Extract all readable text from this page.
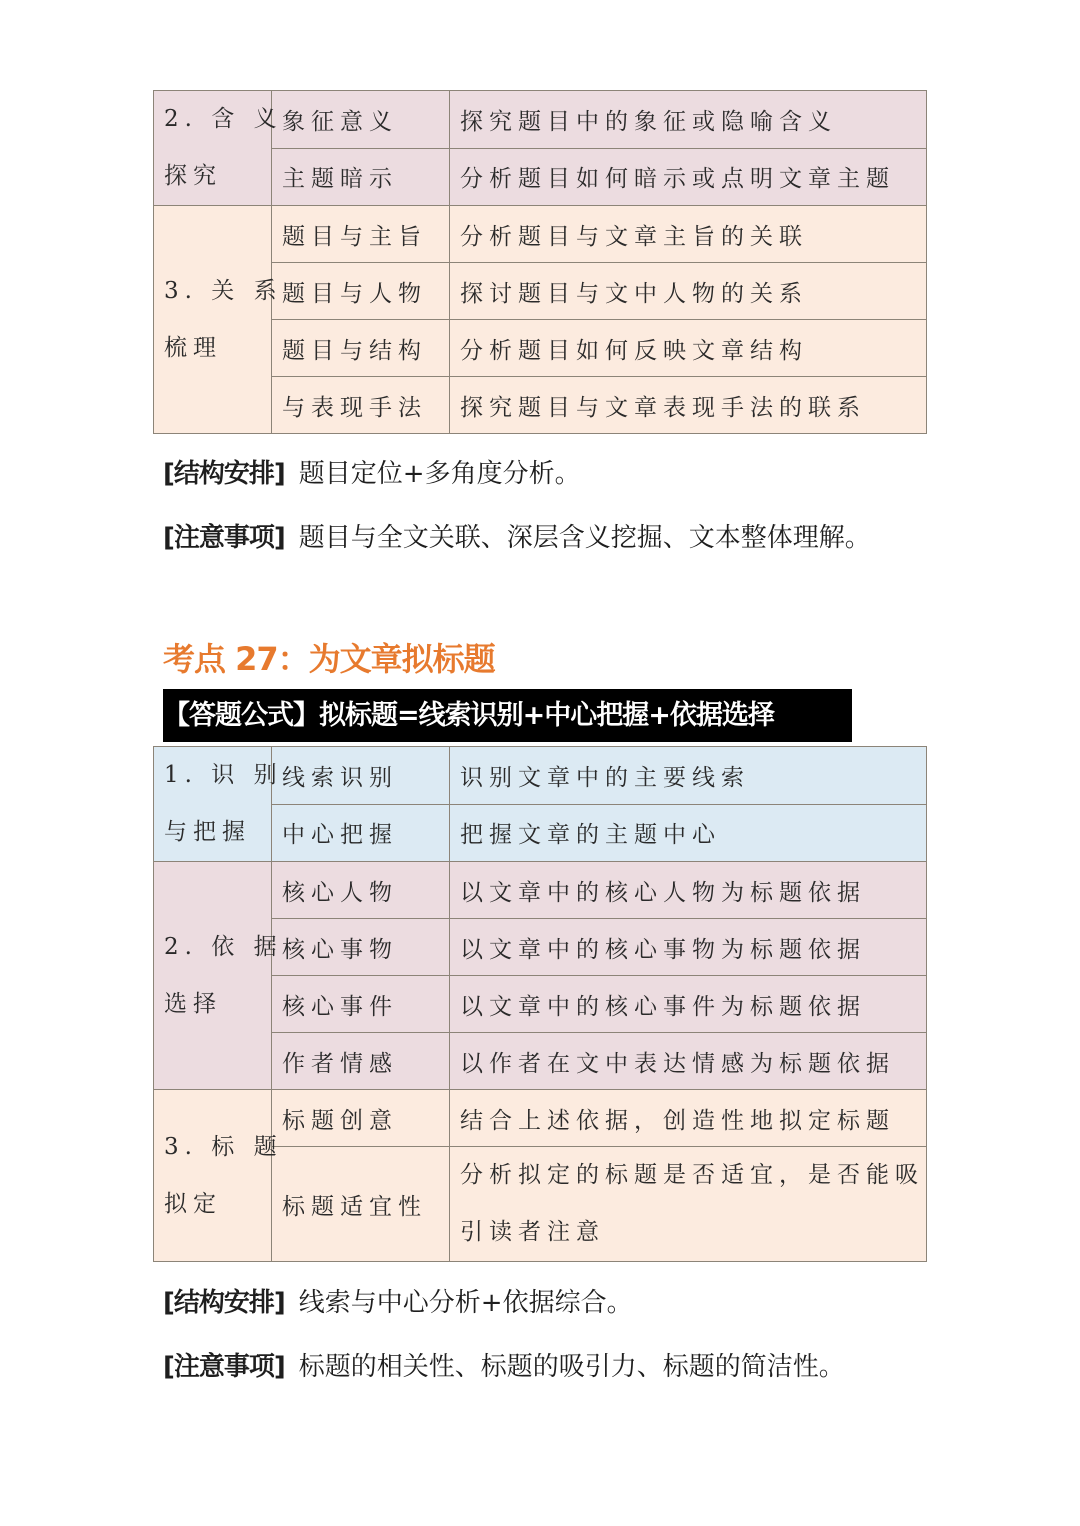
2. 含 义
探究	象征意义	探究题目中的象征或隐喻含义
	主题暗示	分析题目如何暗示或点明文章主题

3. 关 系
梳理	题目与主旨	分析题目与文章主旨的关联
	题目与人物	探讨题目与文中人物的关系
	题目与结构	分析题目如何反映文章结构
	与表现手法	探究题目与文章表现手法的联系
[结构安排] 题目定位+多角度分析。
[注意事项] 题目与全文关联、深层含义挖掘、文本整体理解。
考点 27：为文章拟标题
【答题公式】拟标题=线索识别+中心把握+依据选择
1. 识 别
与把握	线索识别	识别文章中的主要线索
	中心把握	把握文章的主题中心

2. 依 据
选择	核心人物	以文章中的核心人物为标题依据
	核心事物	以文章中的核心事物为标题依据
	核心事件	以文章中的核心事件为标题依据
	作者情感	以作者在文中表达情感为标题依据

3. 标 题
拟定	标题创意	结合上述依据，创造性地拟定标题
	标题适宜性	分析拟定的标题是否适宜，是否能吸引读者注意
[结构安排] 线索与中心分析+依据综合。
[注意事项] 标题的相关性、标题的吸引力、标题的简洁性。
